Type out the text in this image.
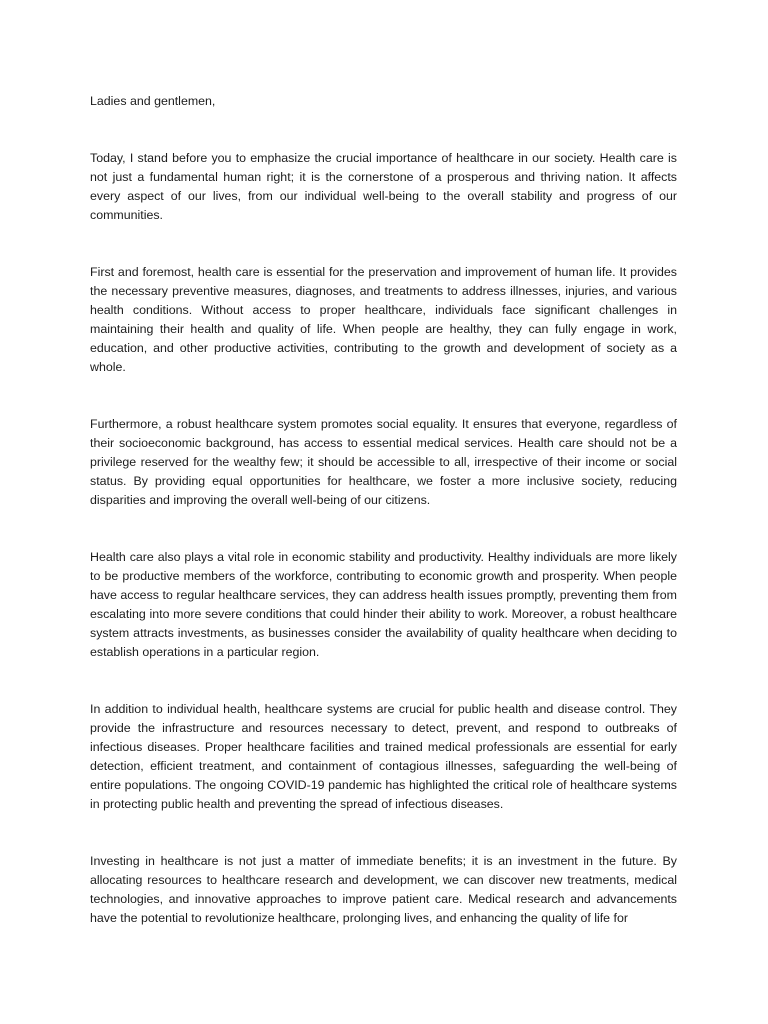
Ladies and gentlemen,

Today, I stand before you to emphasize the crucial importance of healthcare in our society. Health care is not just a fundamental human right; it is the cornerstone of a prosperous and thriving nation. It affects every aspect of our lives, from our individual well-being to the overall stability and progress of our communities.

First and foremost, health care is essential for the preservation and improvement of human life. It provides the necessary preventive measures, diagnoses, and treatments to address illnesses, injuries, and various health conditions. Without access to proper healthcare, individuals face significant challenges in maintaining their health and quality of life. When people are healthy, they can fully engage in work, education, and other productive activities, contributing to the growth and development of society as a whole.

Furthermore, a robust healthcare system promotes social equality. It ensures that everyone, regardless of their socioeconomic background, has access to essential medical services. Health care should not be a privilege reserved for the wealthy few; it should be accessible to all, irrespective of their income or social status. By providing equal opportunities for healthcare, we foster a more inclusive society, reducing disparities and improving the overall well-being of our citizens.

Health care also plays a vital role in economic stability and productivity. Healthy individuals are more likely to be productive members of the workforce, contributing to economic growth and prosperity. When people have access to regular healthcare services, they can address health issues promptly, preventing them from escalating into more severe conditions that could hinder their ability to work. Moreover, a robust healthcare system attracts investments, as businesses consider the availability of quality healthcare when deciding to establish operations in a particular region.

In addition to individual health, healthcare systems are crucial for public health and disease control. They provide the infrastructure and resources necessary to detect, prevent, and respond to outbreaks of infectious diseases. Proper healthcare facilities and trained medical professionals are essential for early detection, efficient treatment, and containment of contagious illnesses, safeguarding the well-being of entire populations. The ongoing COVID-19 pandemic has highlighted the critical role of healthcare systems in protecting public health and preventing the spread of infectious diseases.

Investing in healthcare is not just a matter of immediate benefits; it is an investment in the future. By allocating resources to healthcare research and development, we can discover new treatments, medical technologies, and innovative approaches to improve patient care. Medical research and advancements have the potential to revolutionize healthcare, prolonging lives, and enhancing the quality of life for
